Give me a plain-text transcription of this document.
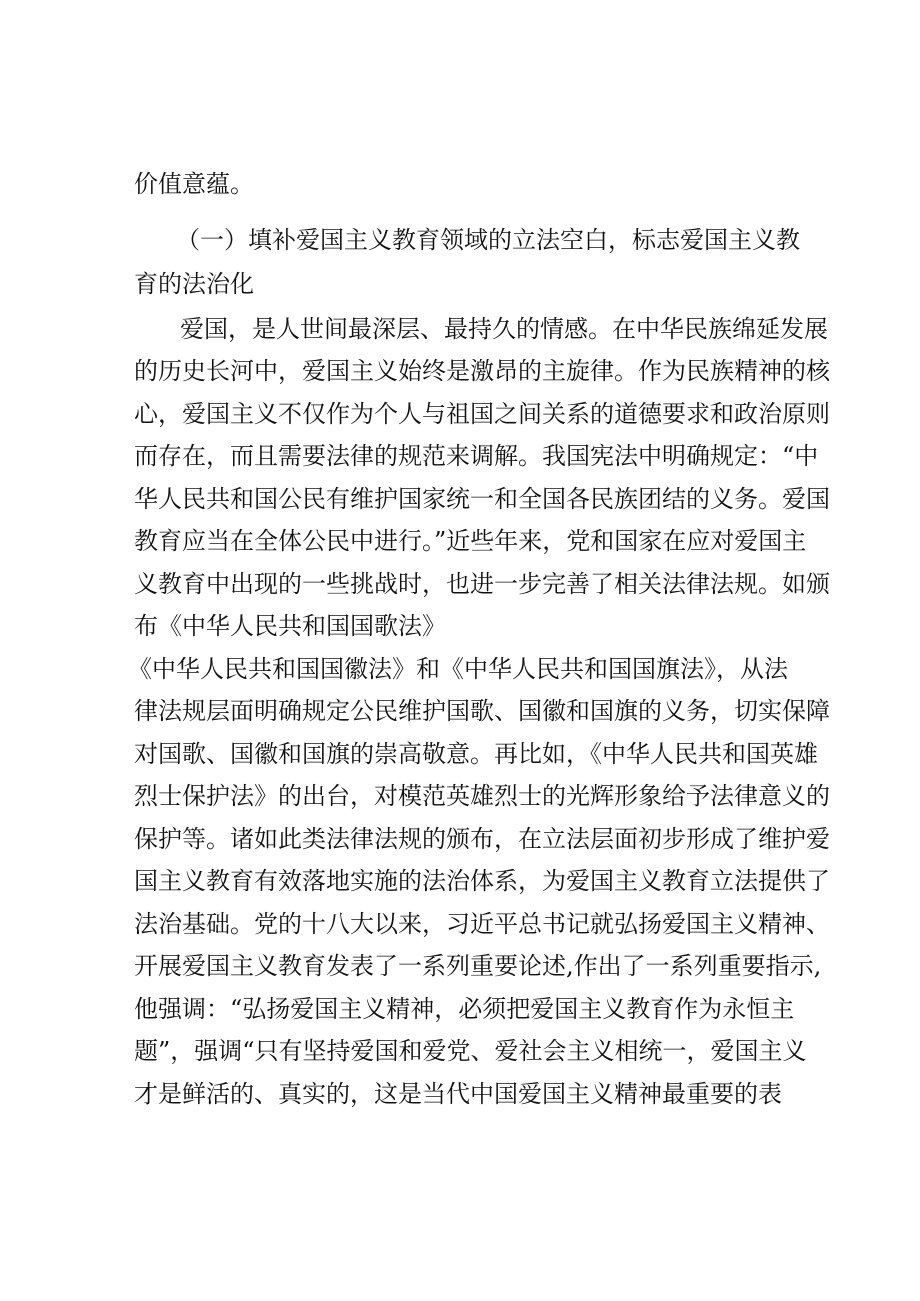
价值意蕴。
（一）填补爱国主义教育领域的立法空白，标志爱国主义教
育的法治化
爱国，是人世间最深层、最持久的情感。在中华民族绵延发展
的历史长河中，爱国主义始终是激昂的主旋律。作为民族精神的核
心，爱国主义不仅作为个人与祖国之间关系的道德要求和政治原则
而存在，而且需要法律的规范来调解。我国宪法中明确规定：“中
华人民共和国公民有维护国家统一和全国各民族团结的义务。爱国
教育应当在全体公民中进行。”近些年来，党和国家在应对爱国主
义教育中出现的一些挑战时，也进一步完善了相关法律法规。如颁
布《中华人民共和国国歌法》
《中华人民共和国国徽法》和《中华人民共和国国旗法》，从法
律法规层面明确规定公民维护国歌、国徽和国旗的义务，切实保障
对国歌、国徽和国旗的崇高敬意。再比如，《中华人民共和国英雄
烈士保护法》的出台，对模范英雄烈士的光辉形象给予法律意义的
保护等。诸如此类法律法规的颁布，在立法层面初步形成了维护爱
国主义教育有效落地实施的法治体系，为爱国主义教育立法提供了
法治基础。党的十八大以来，习近平总书记就弘扬爱国主义精神、
开展爱国主义教育发表了一系列重要论述,作出了一系列重要指示,
他强调：“弘扬爱国主义精神，必须把爱国主义教育作为永恒主
题”，强调“只有坚持爱国和爱党、爱社会主义相统一，爱国主义
才是鲜活的、真实的，这是当代中国爱国主义精神最重要的表
